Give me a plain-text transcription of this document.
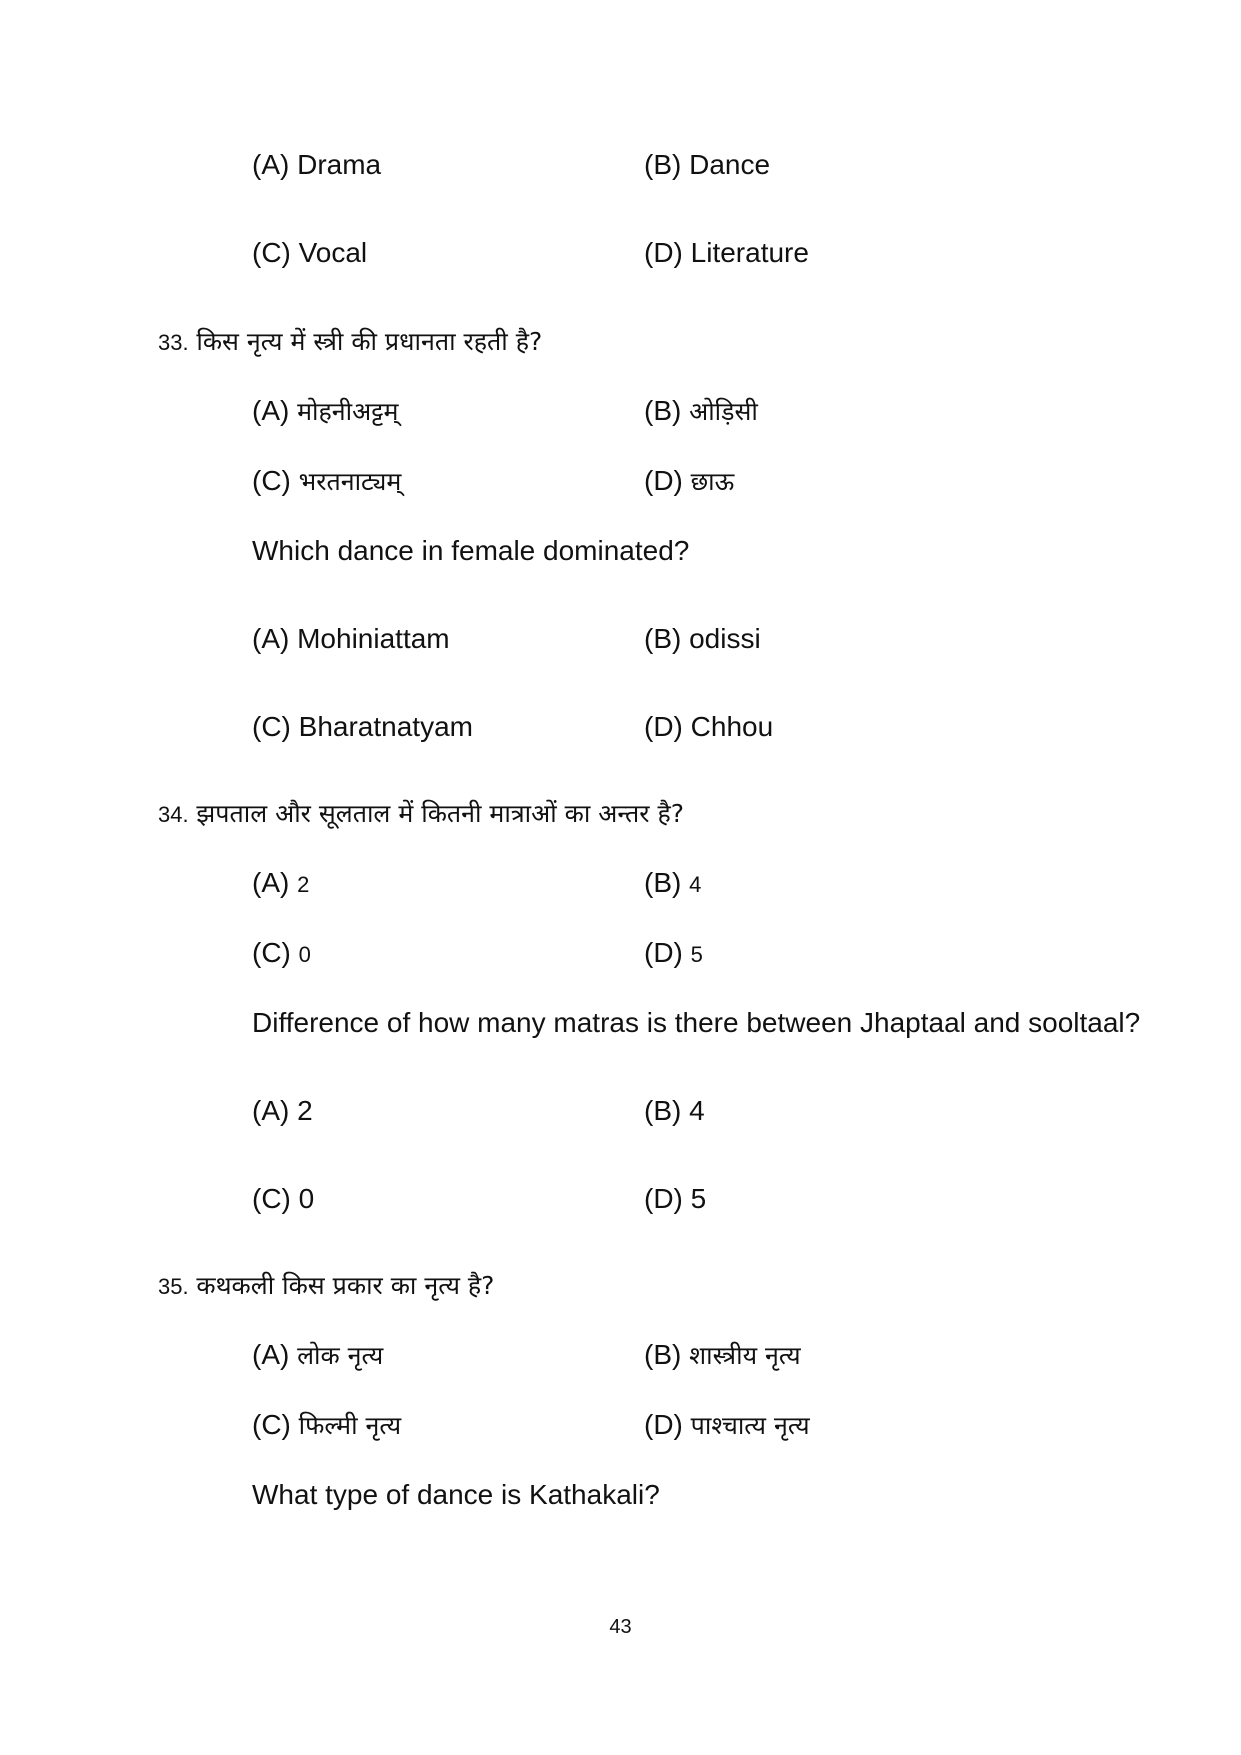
(A) Drama	(B) Dance
(C) Vocal	(D) Literature
33. किस नृत्य में स्त्री की प्रधानता रहती है?
(A) मोहनीअट्टम्	(B) ओड़िसी
(C) भरतनाट्यम्	(D) छाऊ
Which dance in female dominated?
(A) Mohiniattam	(B) odissi
(C) Bharatnatyam	(D) Chhou
34. झपताल और सूलताल में कितनी मात्राओं का अन्तर है?
(A) 2	(B) 4
(C) 0	(D) 5
Difference of how many matras is there between Jhaptaal and sooltaal?
(A) 2	(B) 4
(C) 0	(D) 5
35. कथकली किस प्रकार का नृत्य है?
(A) लोक नृत्य	(B) शास्त्रीय नृत्य
(C) फिल्मी नृत्य	(D) पाश्चात्य नृत्य
What type of dance is Kathakali?
43
